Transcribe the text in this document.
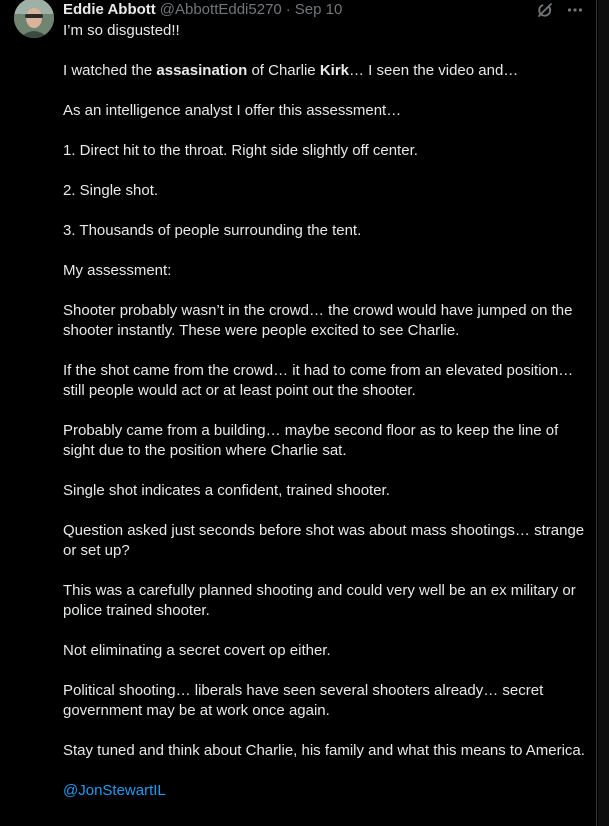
Eddie Abbott @AbbottEddi5270 · Sep 10

I’m so disgusted!!

I watched the assasination of Charlie Kirk… I seen the video and…

As an intelligence analyst I offer this assessment…

1. Direct hit to the throat. Right side slightly off center.

2. Single shot.

3. Thousands of people surrounding the tent.

My assessment:

Shooter probably wasn’t in the crowd… the crowd would have jumped on the shooter instantly. These were people excited to see Charlie.

If the shot came from the crowd… it had to come from an elevated position… still people would act or at least point out the shooter.

Probably came from a building… maybe second floor as to keep the line of sight due to the position where Charlie sat.

Single shot indicates a confident, trained shooter.

Question asked just seconds before shot was about mass shootings… strange or set up?

This was a carefully planned shooting and could very well be an ex military or police trained shooter.

Not eliminating a secret covert op either.

Political shooting… liberals have seen several shooters already… secret government may be at work once again.

Stay tuned and think about Charlie, his family and what this means to America.

@JonStewartIL
